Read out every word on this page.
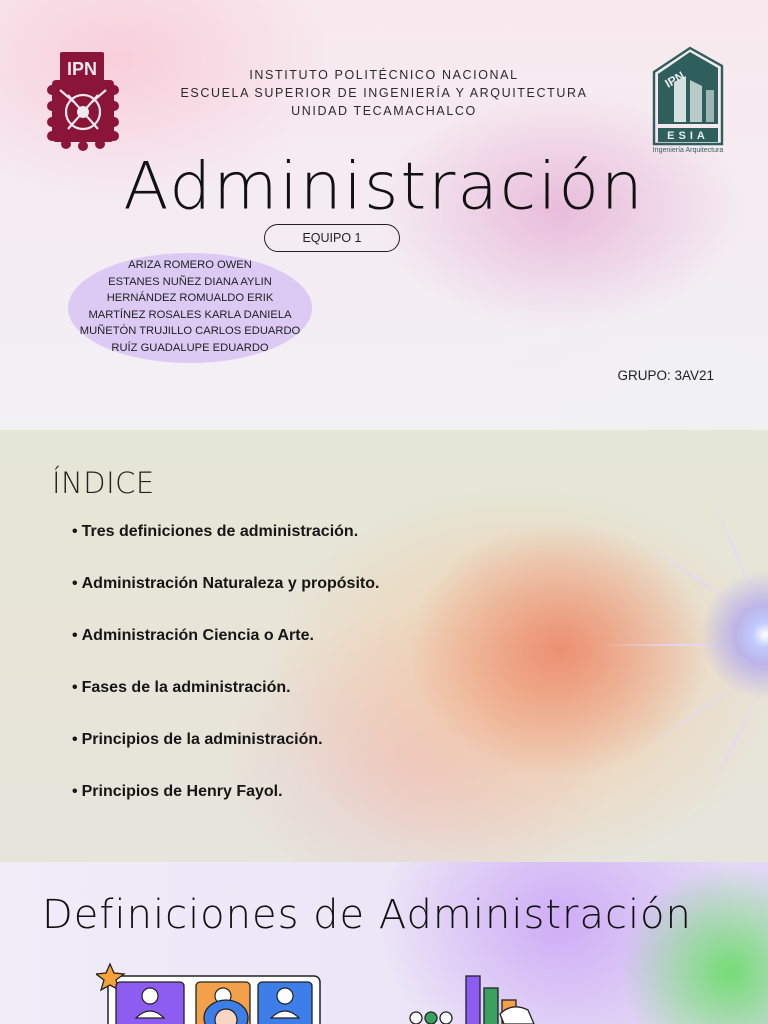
IPN	INSTITUTO POLITÉCNICO NACIONAL
ESCUELA SUPERIOR DE INGENIERÍA Y ARQUITECTURA
UNIDAD TECAMACHALCO
IPN
ESIA
Ingeniería Arquitectura
Administración
EQUIPO 1
ARIZA ROMERO OWEN
ESTANES NUÑEZ DIANA AYLIN
HERNÁNDEZ ROMUALDO ERIK
MARTÍNEZ ROSALES KARLA DANIELA
MUÑETÓN TRUJILLO CARLOS EDUARDO
RUÍZ GUADALUPE EDUARDO
GRUPO: 3AV21
ÍNDICE
• Tres definiciones de administración.
• Administración Naturaleza y propósito.
• Administración Ciencia o Arte.
• Fases de la administración.
• Principios de la administración.
• Principios de Henry Fayol.
Definiciones de Administración
